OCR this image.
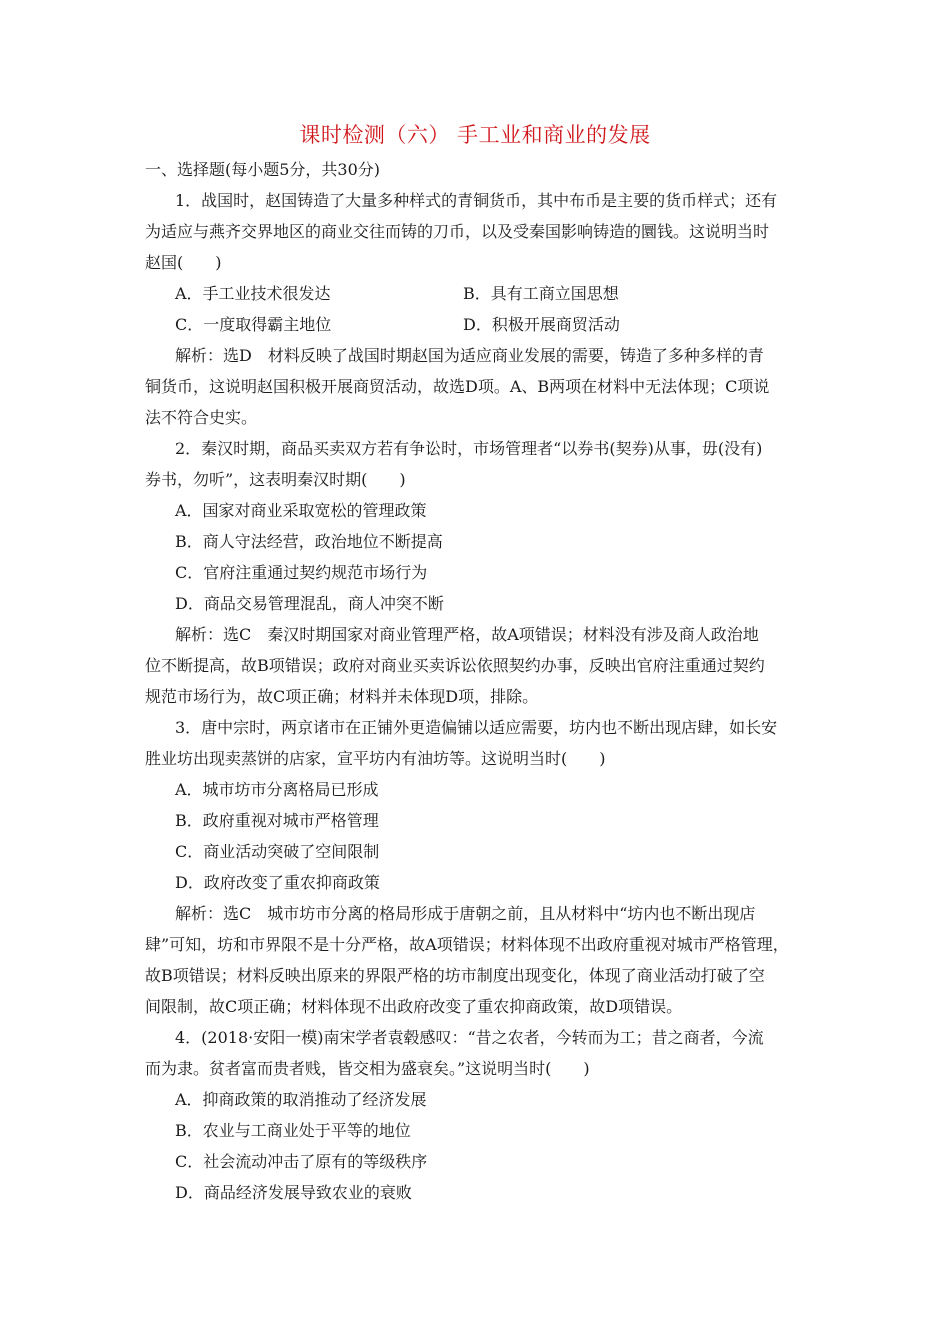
课时检测（六） 手工业和商业的发展
一、选择题(每小题5分，共30分)
1．战国时，赵国铸造了大量多种样式的青铜货币，其中布币是主要的货币样式；还有
为适应与燕齐交界地区的商业交往而铸的刀币，以及受秦国影响铸造的圜钱。这说明当时
赵国(　　)
A．手工业技术很发达	B．具有工商立国思想
C．一度取得霸主地位	D．积极开展商贸活动
解析：选D　材料反映了战国时期赵国为适应商业发展的需要，铸造了多种多样的青
铜货币，这说明赵国积极开展商贸活动，故选D项。A、B两项在材料中无法体现；C项说
法不符合史实。
2．秦汉时期，商品买卖双方若有争讼时，市场管理者“以券书(契券)从事，毋(没有)
券书，勿听”，这表明秦汉时期(　　)
A．国家对商业采取宽松的管理政策
B．商人守法经营，政治地位不断提高
C．官府注重通过契约规范市场行为
D．商品交易管理混乱，商人冲突不断
解析：选C　秦汉时期国家对商业管理严格，故A项错误；材料没有涉及商人政治地
位不断提高，故B项错误；政府对商业买卖诉讼依照契约办事，反映出官府注重通过契约
规范市场行为，故C项正确；材料并未体现D项，排除。
3．唐中宗时，两京诸市在正铺外更造偏铺以适应需要，坊内也不断出现店肆，如长安
胜业坊出现卖蒸饼的店家，宣平坊内有油坊等。这说明当时(　　)
A．城市坊市分离格局已形成
B．政府重视对城市严格管理
C．商业活动突破了空间限制
D．政府改变了重农抑商政策
解析：选C　城市坊市分离的格局形成于唐朝之前，且从材料中“坊内也不断出现店
肆”可知，坊和市界限不是十分严格，故A项错误；材料体现不出政府重视对城市严格管理，
故B项错误；材料反映出原来的界限严格的坊市制度出现变化，体现了商业活动打破了空
间限制，故C项正确；材料体现不出政府改变了重农抑商政策，故D项错误。
4．(2018·安阳一模)南宋学者袁毂感叹：“昔之农者，今转而为工；昔之商者，今流
而为隶。贫者富而贵者贱，皆交相为盛衰矣。”这说明当时(　　)
A．抑商政策的取消推动了经济发展
B．农业与工商业处于平等的地位
C．社会流动冲击了原有的等级秩序
D．商品经济发展导致农业的衰败
